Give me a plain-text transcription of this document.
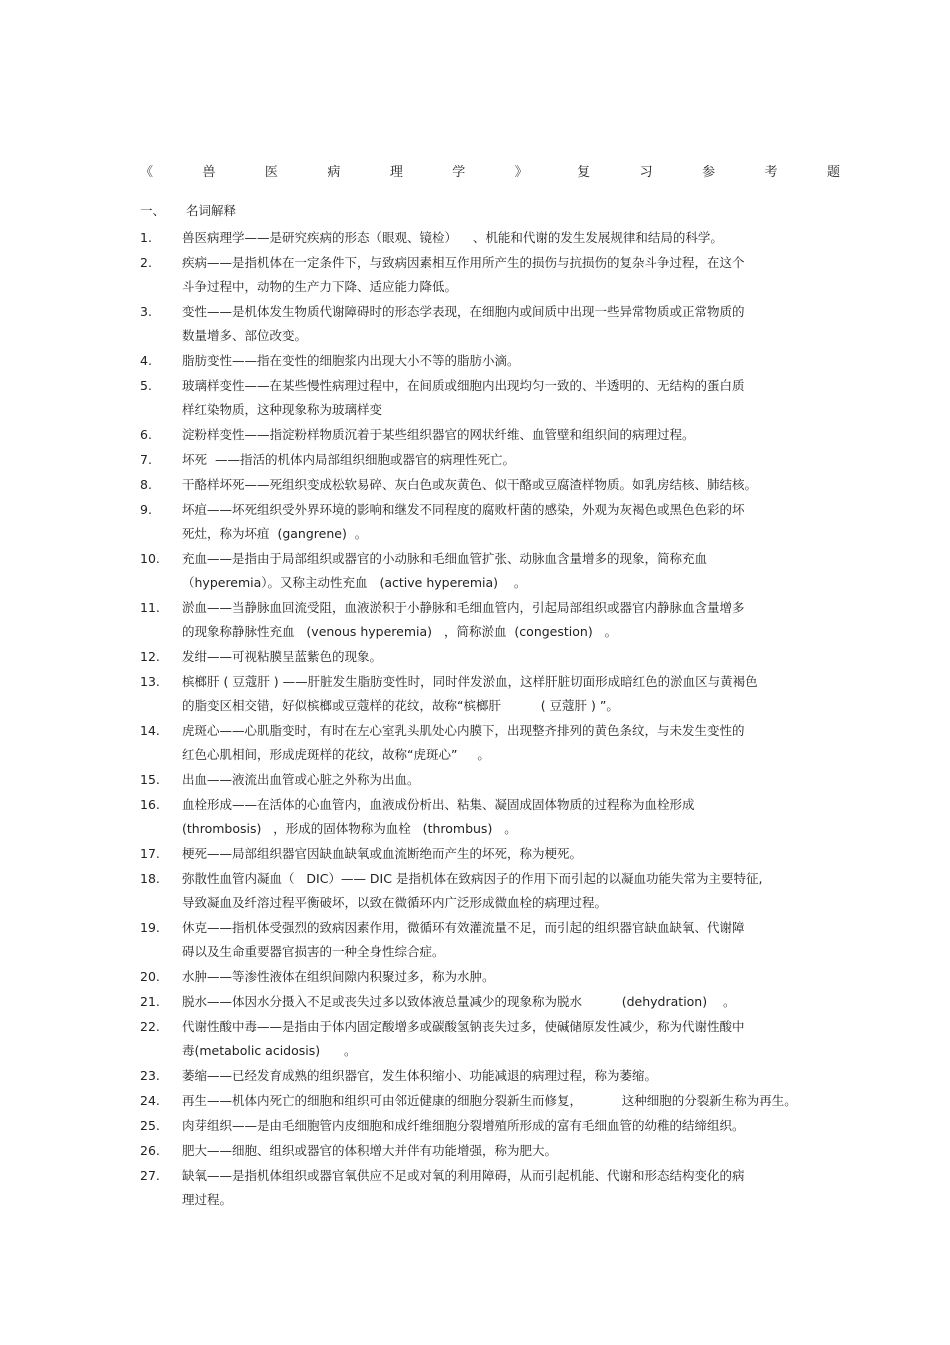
《	兽	医	病	理	学	》	复	习	参	考	题
一、 名词解释
1.	兽医病理学——是研究疾病的形态（眼观、镜检）    、机能和代谢的发生发展规律和结局的科学。
2.	疾病——是指机体在一定条件下，与致病因素相互作用所产生的损伤与抗损伤的复杂斗争过程，在这个
斗争过程中，动物的生产力下降、适应能力降低。
3.	变性——是机体发生物质代谢障碍时的形态学表现，在细胞内或间质中出现一些异常物质或正常物质的
数量增多、部位改变。
4.	脂肪变性——指在变性的细胞浆内出现大小不等的脂肪小滴。
5.	玻璃样变性——在某些慢性病理过程中，在间质或细胞内出现均匀一致的、半透明的、无结构的蛋白质
样红染物质，这种现象称为玻璃样变
6.	淀粉样变性——指淀粉样物质沉着于某些组织器官的网状纤维、血管壁和组织间的病理过程。
7.	坏死  ——指活的机体内局部组织细胞或器官的病理性死亡。
8.	干酪样坏死——死组织变成松软易碎、灰白色或灰黄色、似干酪或豆腐渣样物质。如乳房结核、肺结核。
9.	坏疽——坏死组织受外界环境的影响和继发不同程度的腐败杆菌的感染，外观为灰褐色或黑色色彩的坏
死灶，称为坏疽  (gangrene)  。
10.	充血——是指由于局部组织或器官的小动脉和毛细血管扩张、动脉血含量增多的现象，简称充血
（hyperemia）。又称主动性充血   (active hyperemia)    。
11.	淤血——当静脉血回流受阻，血液淤积于小静脉和毛细血管内，引起局部组织或器官内静脉血含量增多
的现象称静脉性充血   (venous hyperemia)   ，简称淤血  (congestion)   。
12.	发绀——可视粘膜呈蓝紫色的现象。
13.	槟榔肝 ( 豆蔻肝 ) ——肝脏发生脂肪变性时，同时伴发淤血，这样肝脏切面形成暗红色的淤血区与黄褐色
的脂变区相交错，好似槟榔或豆蔻样的花纹，故称“槟榔肝          ( 豆蔻肝 ) ”。
14.	虎斑心——心肌脂变时，有时在左心室乳头肌处心内膜下，出现整齐排列的黄色条纹，与未发生变性的
红色心肌相间，形成虎斑样的花纹，故称“虎斑心”     。
15.	出血——液流出血管或心脏之外称为出血。
16.	血栓形成——在活体的心血管内，血液成份析出、粘集、凝固成固体物质的过程称为血栓形成
(thrombosis)   ，形成的固体物称为血栓   (thrombus)   。
17.	梗死——局部组织器官因缺血缺氧或血流断绝而产生的坏死，称为梗死。
18.	弥散性血管内凝血（   DIC）—— DIC 是指机体在致病因子的作用下而引起的以凝血功能失常为主要特征,
导致凝血及纤溶过程平衡破坏，以致在微循环内广泛形成微血栓的病理过程。
19.	休克——指机体受强烈的致病因素作用，微循环有效灌流量不足，而引起的组织器官缺血缺氧、代谢障
碍以及生命重要器官损害的一种全身性综合症。
20.	水肿——等渗性液体在组织间隙内积聚过多，称为水肿。
21.	脱水——体因水分摄入不足或丧失过多以致体液总量减少的现象称为脱水          (dehydration)    。
22.	代谢性酸中毒——是指由于体内固定酸增多或碳酸氢钠丧失过多，使碱储原发性减少，称为代谢性酸中
毒(metabolic acidosis)      。
23.	萎缩——已经发育成熟的组织器官，发生体积缩小、功能减退的病理过程，称为萎缩。
24.	再生——机体内死亡的细胞和组织可由邻近健康的细胞分裂新生而修复，          这种细胞的分裂新生称为再生。
25.	肉芽组织——是由毛细胞管内皮细胞和成纤维细胞分裂增殖所形成的富有毛细血管的幼稚的结缔组织。
26.	肥大——细胞、组织或器官的体积增大并伴有功能增强，称为肥大。
27.	缺氧——是指机体组织或器官氧供应不足或对氧的利用障碍，从而引起机能、代谢和形态结构变化的病
理过程。
